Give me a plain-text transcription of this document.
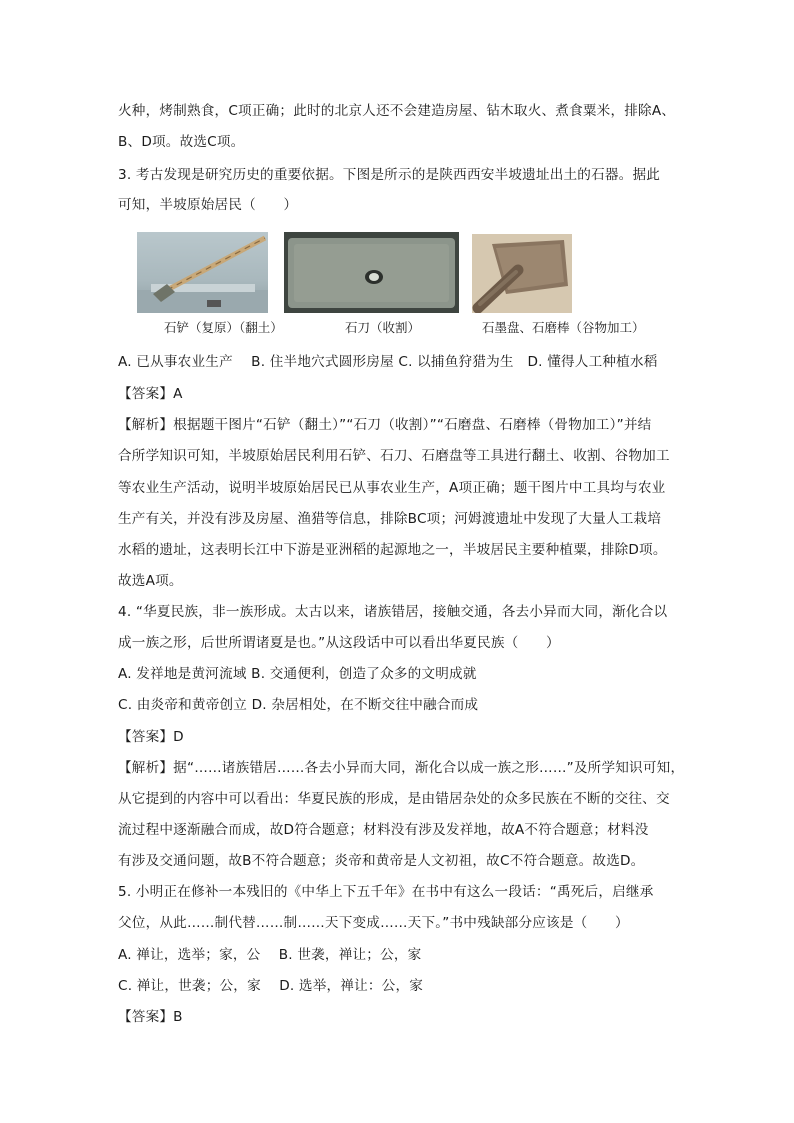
火种，烤制熟食，C项正确；此时的北京人还不会建造房屋、钻木取火、煮食粟米，排除A、
B、D项。故选C项。
3. 考古发现是研究历史的重要依据。下图是所示的是陕西西安半坡遗址出土的石器。据此
可知，半坡原始居民（　　）
石铲（复原）（翻土）	石刀（收割）	石墨盘、石磨棒（谷物加工）
A. 已从事农业生产　 B. 住半地穴式圆形房屋 C. 以捕鱼狩猎为生　D. 懂得人工种植水稻
【答案】A
【解析】根据题干图片“石铲（翻土）”“石刀（收割）”“石磨盘、石磨棒（骨物加工）”并结
合所学知识可知，半坡原始居民利用石铲、石刀、石磨盘等工具进行翻土、收割、谷物加工
等农业生产活动，说明半坡原始居民已从事农业生产，A项正确；题干图片中工具均与农业
生产有关，并没有涉及房屋、渔猎等信息，排除BC项；河姆渡遗址中发现了大量人工栽培
水稻的遗址，这表明长江中下游是亚洲稻的起源地之一，半坡居民主要种植粟，排除D项。
故选A项。
4. “华夏民族，非一族形成。太古以来，诸族错居，接触交通，各去小异而大同，渐化合以
成一族之形，后世所谓诸夏是也。”从这段话中可以看出华夏民族（　　）
A. 发祥地是黄河流域 B. 交通便利，创造了众多的文明成就
C. 由炎帝和黄帝创立 D. 杂居相处，在不断交往中融合而成
【答案】D
【解析】据“……诸族错居……各去小异而大同，渐化合以成一族之形……”及所学知识可知，
从它提到的内容中可以看出：华夏民族的形成，是由错居杂处的众多民族在不断的交往、交
流过程中逐渐融合而成，故D符合题意；材料没有涉及发祥地，故A不符合题意；材料没
有涉及交通问题，故B不符合题意；炎帝和黄帝是人文初祖，故C不符合题意。故选D。
5. 小明正在修补一本残旧的《中华上下五千年》在书中有这么一段话：“禹死后，启继承
父位，从此……制代替……制……天下变成……天下。”书中残缺部分应该是（　　）
A. 禅让，选举；家，公　 B. 世袭，禅让；公，家
C. 禅让，世袭；公，家　 D. 选举，禅让：公，家
【答案】B
